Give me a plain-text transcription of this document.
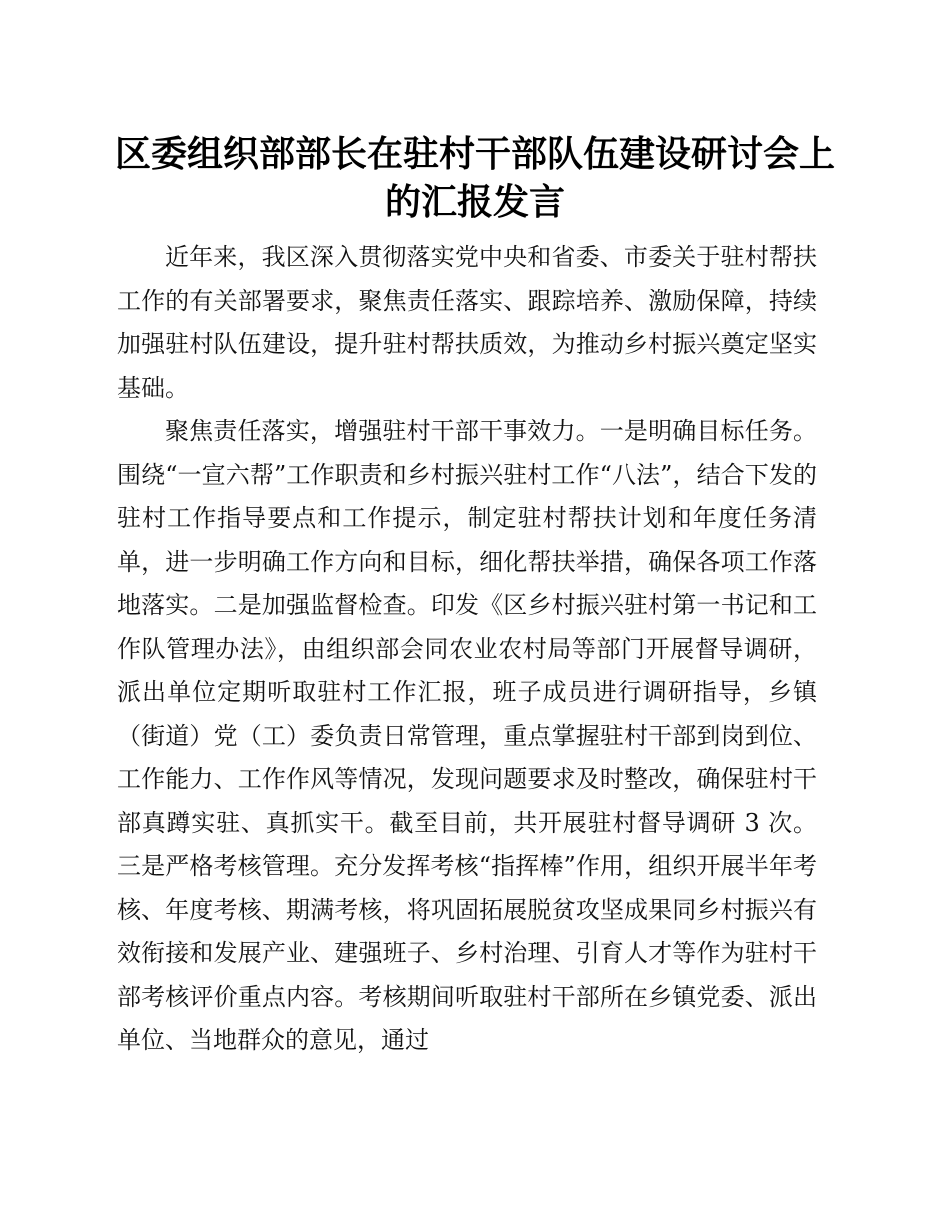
区委组织部部长在驻村干部队伍建设研讨会上的汇报发言

近年来，我区深入贯彻落实党中央和省委、市委关于驻村帮扶工作的有关部署要求，聚焦责任落实、跟踪培养、激励保障，持续加强驻村队伍建设，提升驻村帮扶质效，为推动乡村振兴奠定坚实基础。

聚焦责任落实，增强驻村干部干事效力。一是明确目标任务。围绕“一宣六帮”工作职责和乡村振兴驻村工作“八法”，结合下发的驻村工作指导要点和工作提示，制定驻村帮扶计划和年度任务清单，进一步明确工作方向和目标，细化帮扶举措，确保各项工作落地落实。二是加强监督检查。印发《区乡村振兴驻村第一书记和工作队管理办法》，由组织部会同农业农村局等部门开展督导调研，派出单位定期听取驻村工作汇报，班子成员进行调研指导，乡镇（街道）党（工）委负责日常管理，重点掌握驻村干部到岗到位、工作能力、工作作风等情况，发现问题要求及时整改，确保驻村干部真蹲实驻、真抓实干。截至目前，共开展驻村督导调研 3 次。三是严格考核管理。充分发挥考核“指挥棒”作用，组织开展半年考核、年度考核、期满考核，将巩固拓展脱贫攻坚成果同乡村振兴有效衔接和发展产业、建强班子、乡村治理、引育人才等作为驻村干部考核评价重点内容。考核期间听取驻村干部所在乡镇党委、派出单位、当地群众的意见，通过
